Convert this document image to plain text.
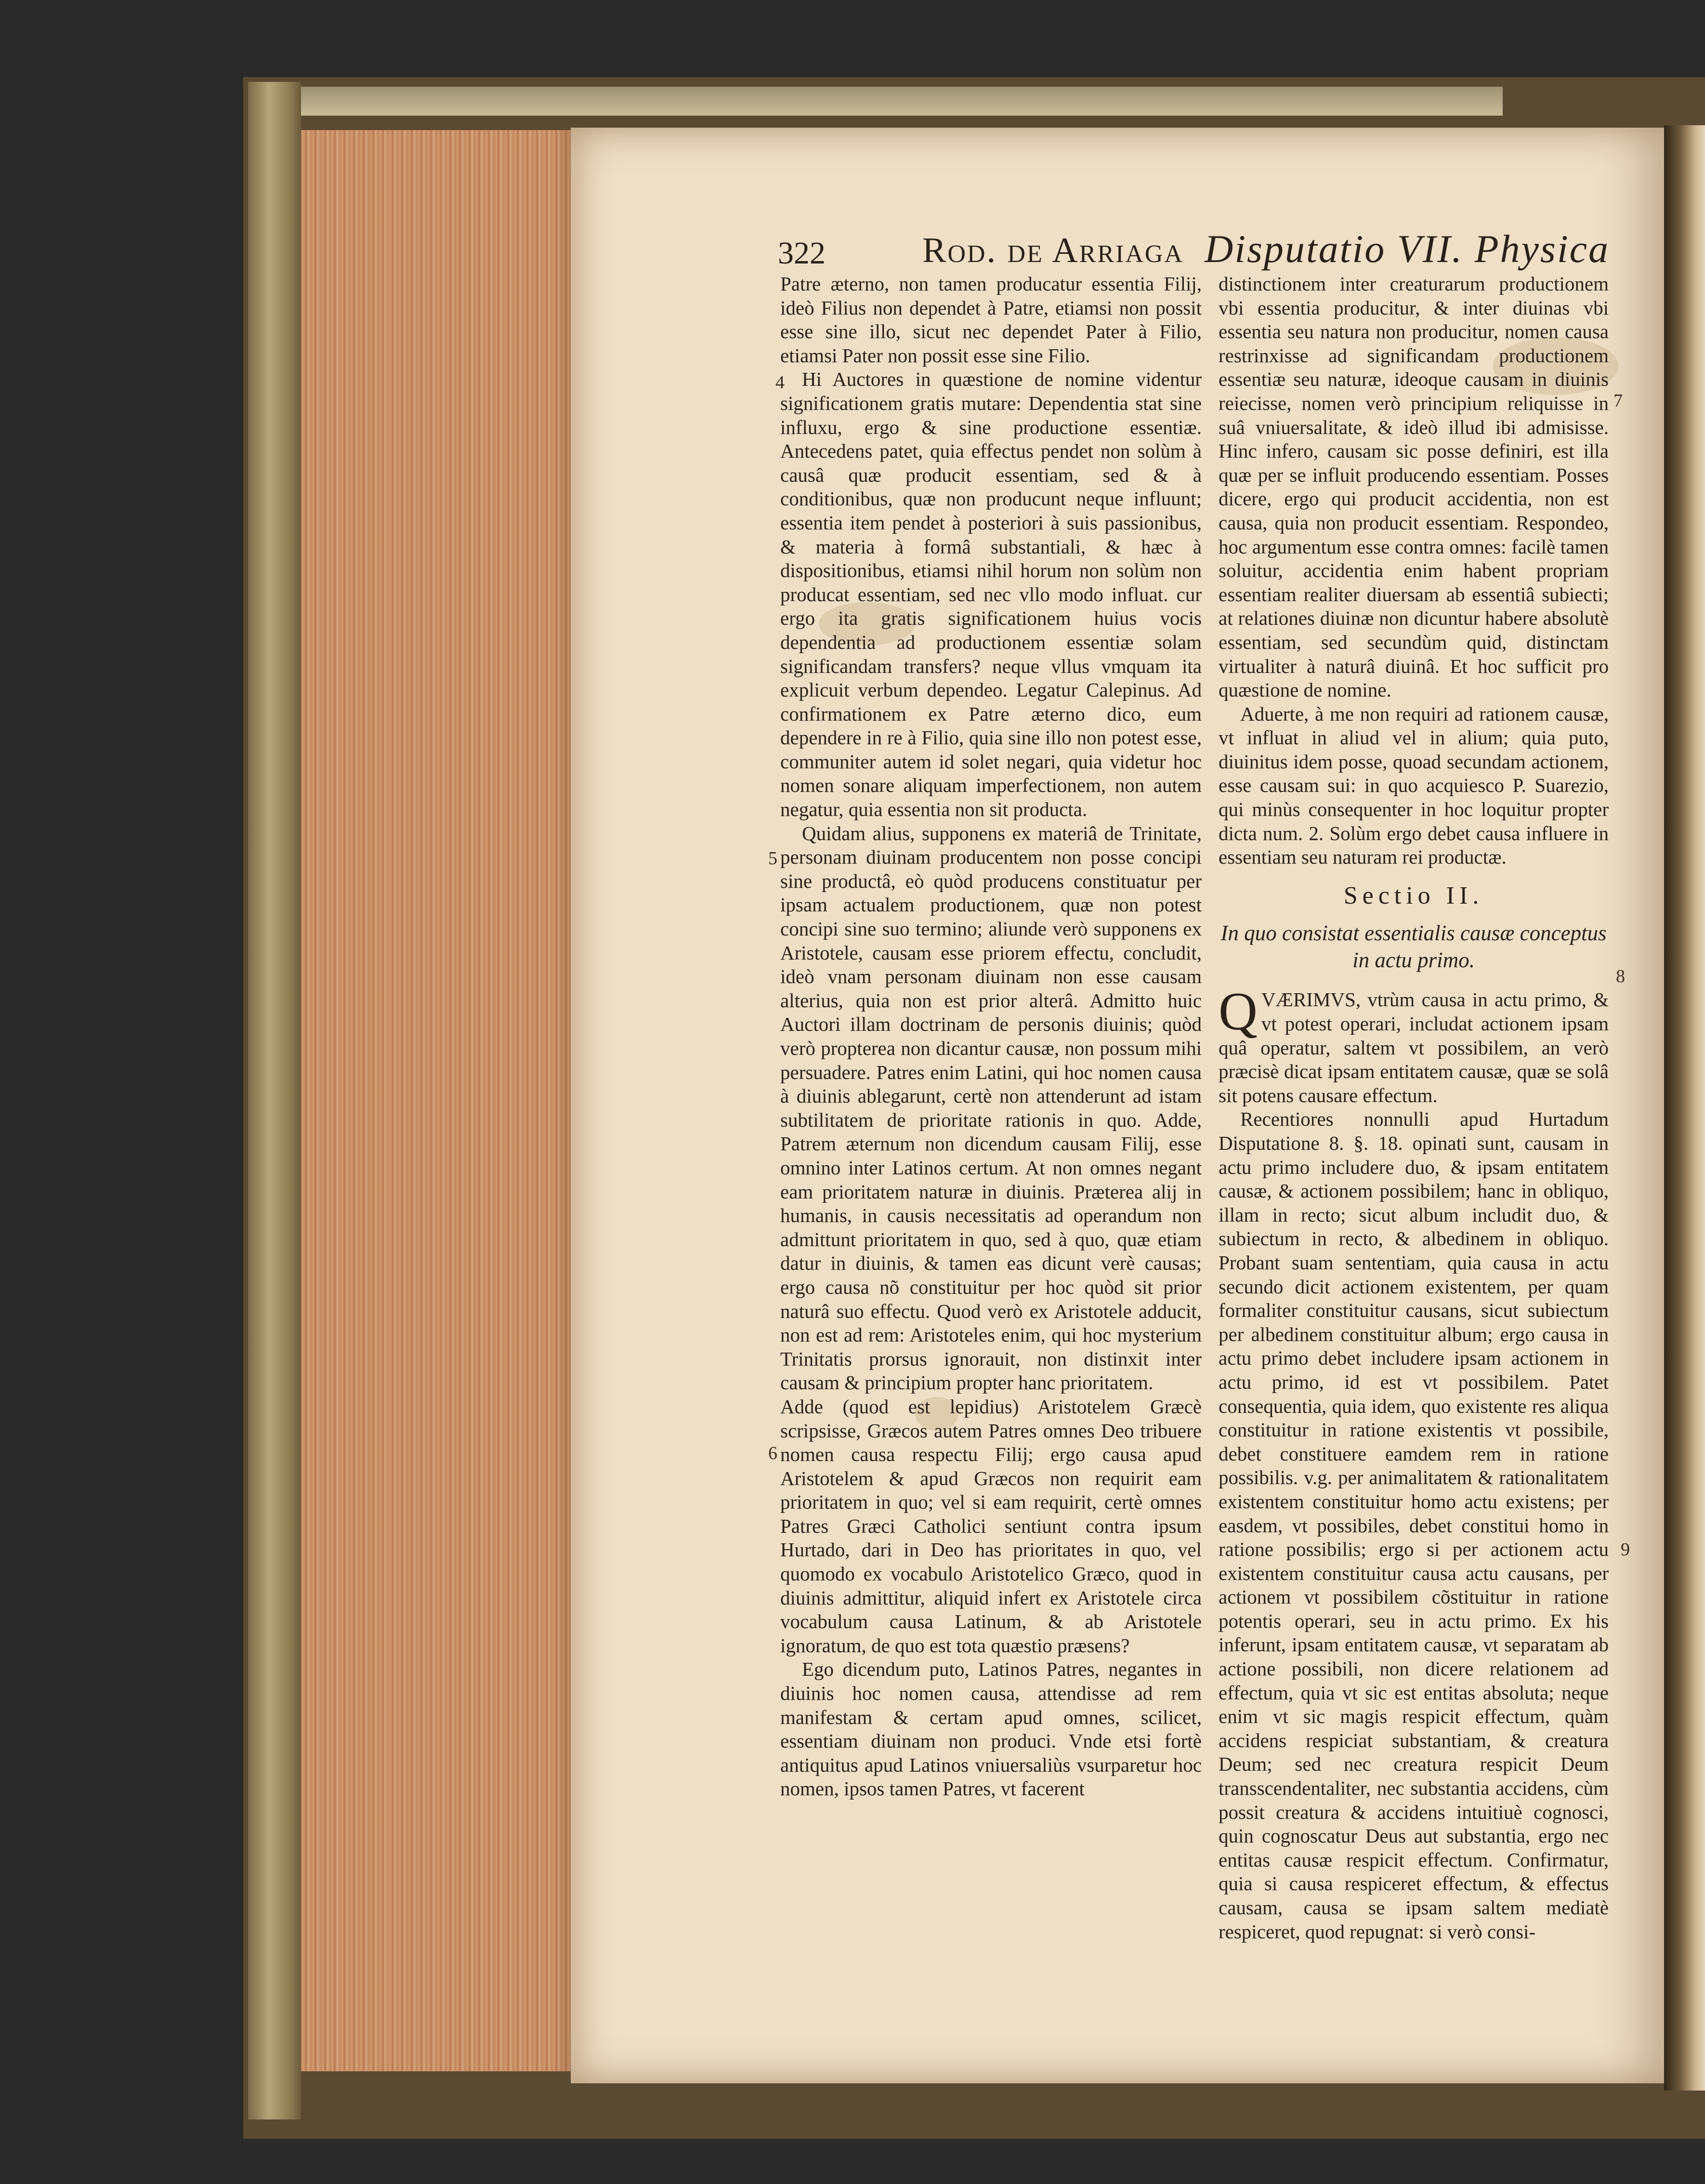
322	Rod. de Arriaga Disputatio VII. Physica
4
5
6
7
8
9

Patre æterno, non tamen producatur essentia Filij, ideò Filius non dependet à Patre, etiamsi non possit esse sine illo, sicut nec dependet Pater à Filio, etiamsi Pater non possit esse sine Filio.

Hi Auctores in quæstione de nomine videntur significationem gratis mutare: Dependentia stat sine influxu, ergo & sine productione essentiæ. Antecedens patet, quia effectus pendet non solùm à causâ quæ producit essentiam, sed & à conditionibus, quæ non producunt neque influunt; essentia item pendet à posteriori à suis passionibus, & materia à formâ substantiali, & hæc à dispositionibus, etiamsi nihil horum non solùm non producat essentiam, sed nec vllo modo influat. cur ergo ita gratis significationem huius vocis dependentia ad productionem essentiæ solam significandam transfers? neque vllus vmquam ita explicuit verbum dependeo. Legatur Calepinus. Ad confirmationem ex Patre æterno dico, eum dependere in re à Filio, quia sine illo non potest esse, communiter autem id solet negari, quia videtur hoc nomen sonare aliquam imperfectionem, non autem negatur, quia essentia non sit producta.

Quidam alius, supponens ex materiâ de Trinitate, personam diuinam producentem non posse concipi sine productâ, eò quòd producens constituatur per ipsam actualem productionem, quæ non potest concipi sine suo termino; aliunde verò supponens ex Aristotele, causam esse priorem effectu, concludit, ideò vnam personam diuinam non esse causam alterius, quia non est prior alterâ. Admitto huic Auctori illam doctrinam de personis diuinis; quòd verò propterea non dicantur causæ, non possum mihi persuadere. Patres enim Latini, qui hoc nomen causa à diuinis ablegarunt, certè non attenderunt ad istam subtilitatem de prioritate rationis in quo. Adde, Patrem æternum non dicendum causam Filij, esse omnino inter Latinos certum. At non omnes negant eam prioritatem naturæ in diuinis. Præterea alij in humanis, in causis necessitatis ad operandum non admittunt prioritatem in quo, sed à quo, quæ etiam datur in diuinis, & tamen eas dicunt verè causas; ergo causa nõ constituitur per hoc quòd sit prior naturâ suo effectu. Quod verò ex Aristotele adducit, non est ad rem: Aristoteles enim, qui hoc mysterium Trinitatis prorsus ignorauit, non distinxit inter causam & principium propter hanc prioritatem.

Adde (quod est lepidius) Aristotelem Græcè scripsisse, Græcos autem Patres omnes Deo tribuere nomen causa respectu Filij; ergo causa apud Aristotelem & apud Græcos non requirit eam prioritatem in quo; vel si eam requirit, certè omnes Patres Græci Catholici sentiunt contra ipsum Hurtado, dari in Deo has prioritates in quo, vel quomodo ex vocabulo Aristotelico Græco, quod in diuinis admittitur, aliquid infert ex Aristotele circa vocabulum causa Latinum, & ab Aristotele ignoratum, de quo est tota quæstio præsens?

Ego dicendum puto, Latinos Patres, negantes in diuinis hoc nomen causa, attendisse ad rem manifestam & certam apud omnes, scilicet, essentiam diuinam non produci. Vnde etsi fortè antiquitus apud Latinos vniuersaliùs vsurparetur hoc nomen, ipsos tamen Patres, vt facerent

distinctionem inter creaturarum productionem vbi essentia producitur, & inter diuinas vbi essentia seu natura non producitur, nomen causa restrinxisse ad significandam productionem essentiæ seu naturæ, ideoque causam in diuinis reiecisse, nomen verò principium reliquisse in suâ vniuersalitate, & ideò illud ibi admisisse. Hinc infero, causam sic posse definiri, est illa quæ per se influit producendo essentiam. Posses dicere, ergo qui producit accidentia, non est causa, quia non producit essentiam. Respondeo, hoc argumentum esse contra omnes: facilè tamen soluitur, accidentia enim habent propriam essentiam realiter diuersam ab essentiâ subiecti; at relationes diuinæ non dicuntur habere absolutè essentiam, sed secundùm quid, distinctam virtualiter à naturâ diuinâ. Et hoc sufficit pro quæstione de nomine.

Aduerte, à me non requiri ad rationem causæ, vt influat in aliud vel in alium; quia puto, diuinitus idem posse, quoad secundam actionem, esse causam sui: in quo acquiesco P. Suarezio, qui minùs consequenter in hoc loquitur propter dicta num. 2. Solùm ergo debet causa influere in essentiam seu naturam rei productæ.

Sectio II.
In quo consistat essentialis causæ conceptus in actu primo.

QVÆRIMVS, vtrùm causa in actu primo, & vt potest operari, includat actionem ipsam quâ operatur, saltem vt possibilem, an verò præcisè dicat ipsam entitatem causæ, quæ se solâ sit potens causare effectum.

Recentiores nonnulli apud Hurtadum Disputatione 8. §. 18. opinati sunt, causam in actu primo includere duo, & ipsam entitatem causæ, & actionem possibilem; hanc in obliquo, illam in recto; sicut album includit duo, & subiectum in recto, & albedinem in obliquo. Probant suam sententiam, quia causa in actu secundo dicit actionem existentem, per quam formaliter constituitur causans, sicut subiectum per albedinem constituitur album; ergo causa in actu primo debet includere ipsam actionem in actu primo, id est vt possibilem. Patet consequentia, quia idem, quo existente res aliqua constituitur in ratione existentis vt possibile, debet constituere eamdem rem in ratione possibilis. v.g. per animalitatem & rationalitatem existentem constituitur homo actu existens; per easdem, vt possibiles, debet constitui homo in ratione possibilis; ergo si per actionem actu existentem constituitur causa actu causans, per actionem vt possibilem cõstituitur in ratione potentis operari, seu in actu primo. Ex his inferunt, ipsam entitatem causæ, vt separatam ab actione possibili, non dicere relationem ad effectum, quia vt sic est entitas absoluta; neque enim vt sic magis respicit effectum, quàm accidens respiciat substantiam, & creatura Deum; sed nec creatura respicit Deum transscendentaliter, nec substantia accidens, cùm possit creatura & accidens intuitiuè cognosci, quin cognoscatur Deus aut substantia, ergo nec entitas causæ respicit effectum. Confirmatur, quia si causa respiceret effectum, & effectus causam, causa se ipsam saltem mediatè respiceret, quod repugnat: si verò consi-
